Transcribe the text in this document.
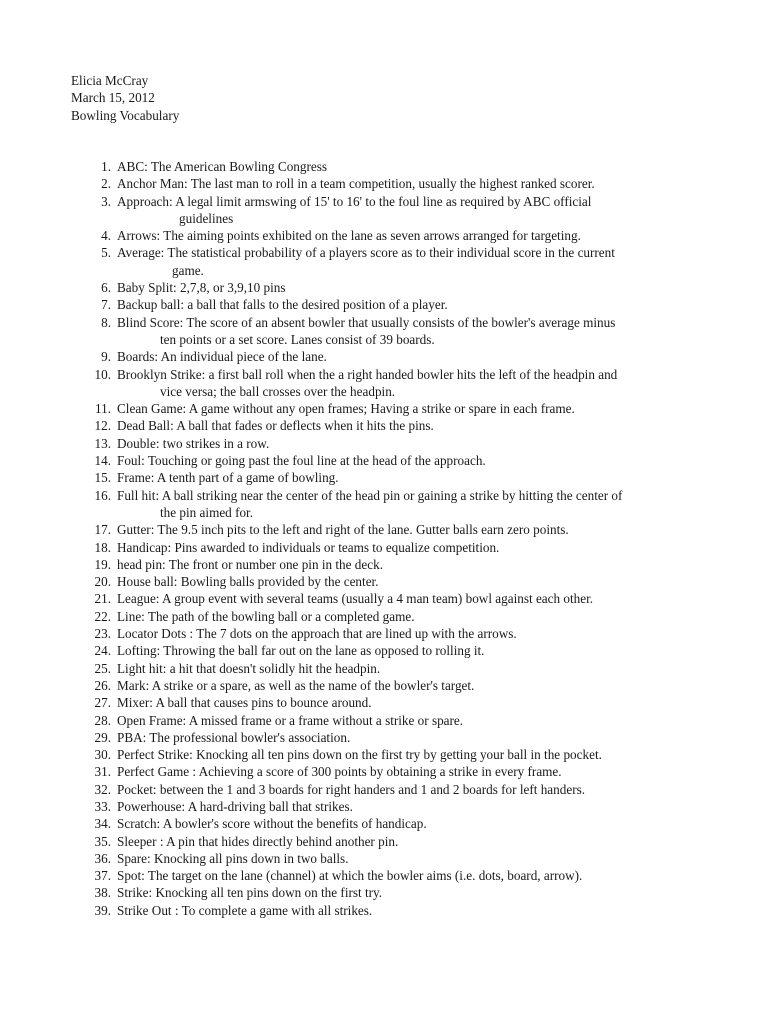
Elicia McCray
March 15, 2012
Bowling Vocabulary
1. ABC: The American Bowling Congress
2. Anchor Man: The last man to roll in a team competition, usually the highest ranked scorer.
3. Approach: A legal limit armswing of 15' to 16' to the foul line as required by ABC official
guidelines
4. Arrows: The aiming points exhibited on the lane as seven arrows arranged for targeting.
5. Average: The statistical probability of a players score as to their individual score in the current
game.
6. Baby Split: 2,7,8, or 3,9,10 pins
7. Backup ball: a ball that falls to the desired position of a player.
8. Blind Score: The score of an absent bowler that usually consists of the bowler's average minus
ten points or a set score. Lanes consist of 39 boards.
9. Boards: An individual piece of the lane.
10. Brooklyn Strike: a first ball roll when the a right handed bowler hits the left of the headpin and
vice versa; the ball crosses over the headpin.
11. Clean Game: A game without any open frames; Having a strike or spare in each frame.
12. Dead Ball: A ball that fades or deflects when it hits the pins.
13. Double: two strikes in a row.
14. Foul: Touching or going past the foul line at the head of the approach.
15. Frame: A tenth part of a game of bowling.
16. Full hit: A ball striking near the center of the head pin or gaining a strike by hitting the center of
the pin aimed for.
17. Gutter: The 9.5 inch pits to the left and right of the lane. Gutter balls earn zero points.
18. Handicap: Pins awarded to individuals or teams to equalize competition.
19. head pin: The front or number one pin in the deck.
20. House ball: Bowling balls provided by the center.
21. League: A group event with several teams (usually a 4 man team) bowl against each other.
22. Line: The path of the bowling ball or a completed game.
23. Locator Dots : The 7 dots on the approach that are lined up with the arrows.
24. Lofting: Throwing the ball far out on the lane as opposed to rolling it.
25. Light hit: a hit that doesn't solidly hit the headpin.
26. Mark: A strike or a spare, as well as the name of the bowler's target.
27. Mixer: A ball that causes pins to bounce around.
28. Open Frame: A missed frame or a frame without a strike or spare.
29. PBA: The professional bowler's association.
30. Perfect Strike: Knocking all ten pins down on the first try by getting your ball in the pocket.
31. Perfect Game : Achieving a score of 300 points by obtaining a strike in every frame.
32. Pocket: between the 1 and 3 boards for right handers and 1 and 2 boards for left handers.
33. Powerhouse: A hard-driving ball that strikes.
34. Scratch: A bowler's score without the benefits of handicap.
35. Sleeper : A pin that hides directly behind another pin.
36. Spare: Knocking all pins down in two balls.
37. Spot: The target on the lane (channel) at which the bowler aims (i.e. dots, board, arrow).
38. Strike: Knocking all ten pins down on the first try.
39. Strike Out : To complete a game with all strikes.
